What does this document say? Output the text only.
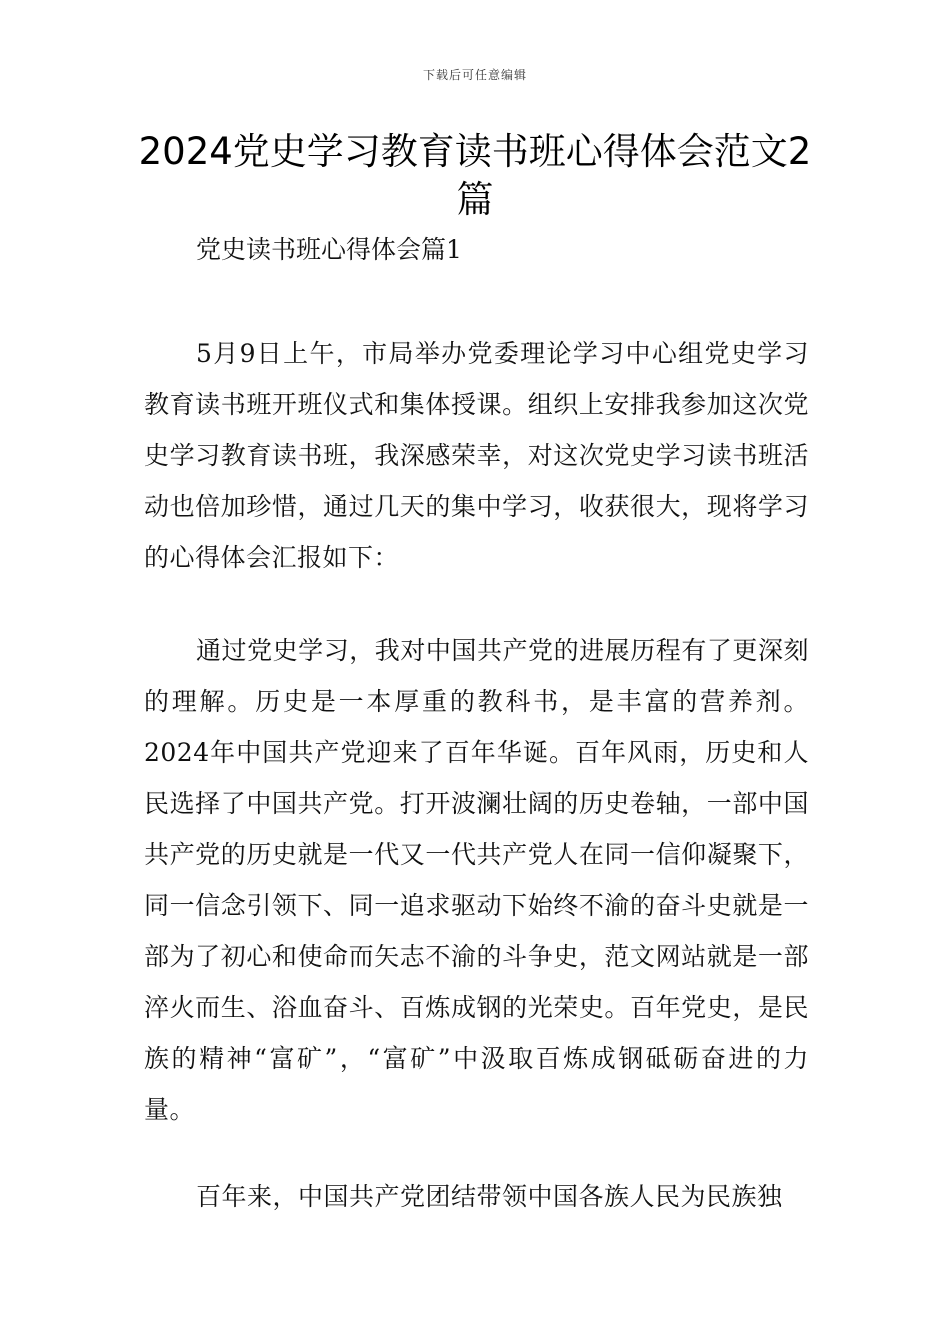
下载后可任意编辑
2024党史学习教育读书班心得体会范文2篇
党史读书班心得体会篇1

5月9日上午，市局举办党委理论学习中心组党史学习教育读书班开班仪式和集体授课。组织上安排我参加这次党史学习教育读书班，我深感荣幸，对这次党史学习读书班活动也倍加珍惜，通过几天的集中学习，收获很大，现将学习的心得体会汇报如下：

通过党史学习，我对中国共产党的进展历程有了更深刻的理解。历史是一本厚重的教科书，是丰富的营养剂。2024年中国共产党迎来了百年华诞。百年风雨，历史和人民选择了中国共产党。打开波澜壮阔的历史卷轴，一部中国共产党的历史就是一代又一代共产党人在同一信仰凝聚下，同一信念引领下、同一追求驱动下始终不渝的奋斗史就是一部为了初心和使命而矢志不渝的斗争史，范文网站就是一部淬火而生、浴血奋斗、百炼成钢的光荣史。百年党史，是民族的精神“富矿”，“富矿”中汲取百炼成钢砥砺奋进的力量。

百年来，中国共产党团结带领中国各族人民为民族独
